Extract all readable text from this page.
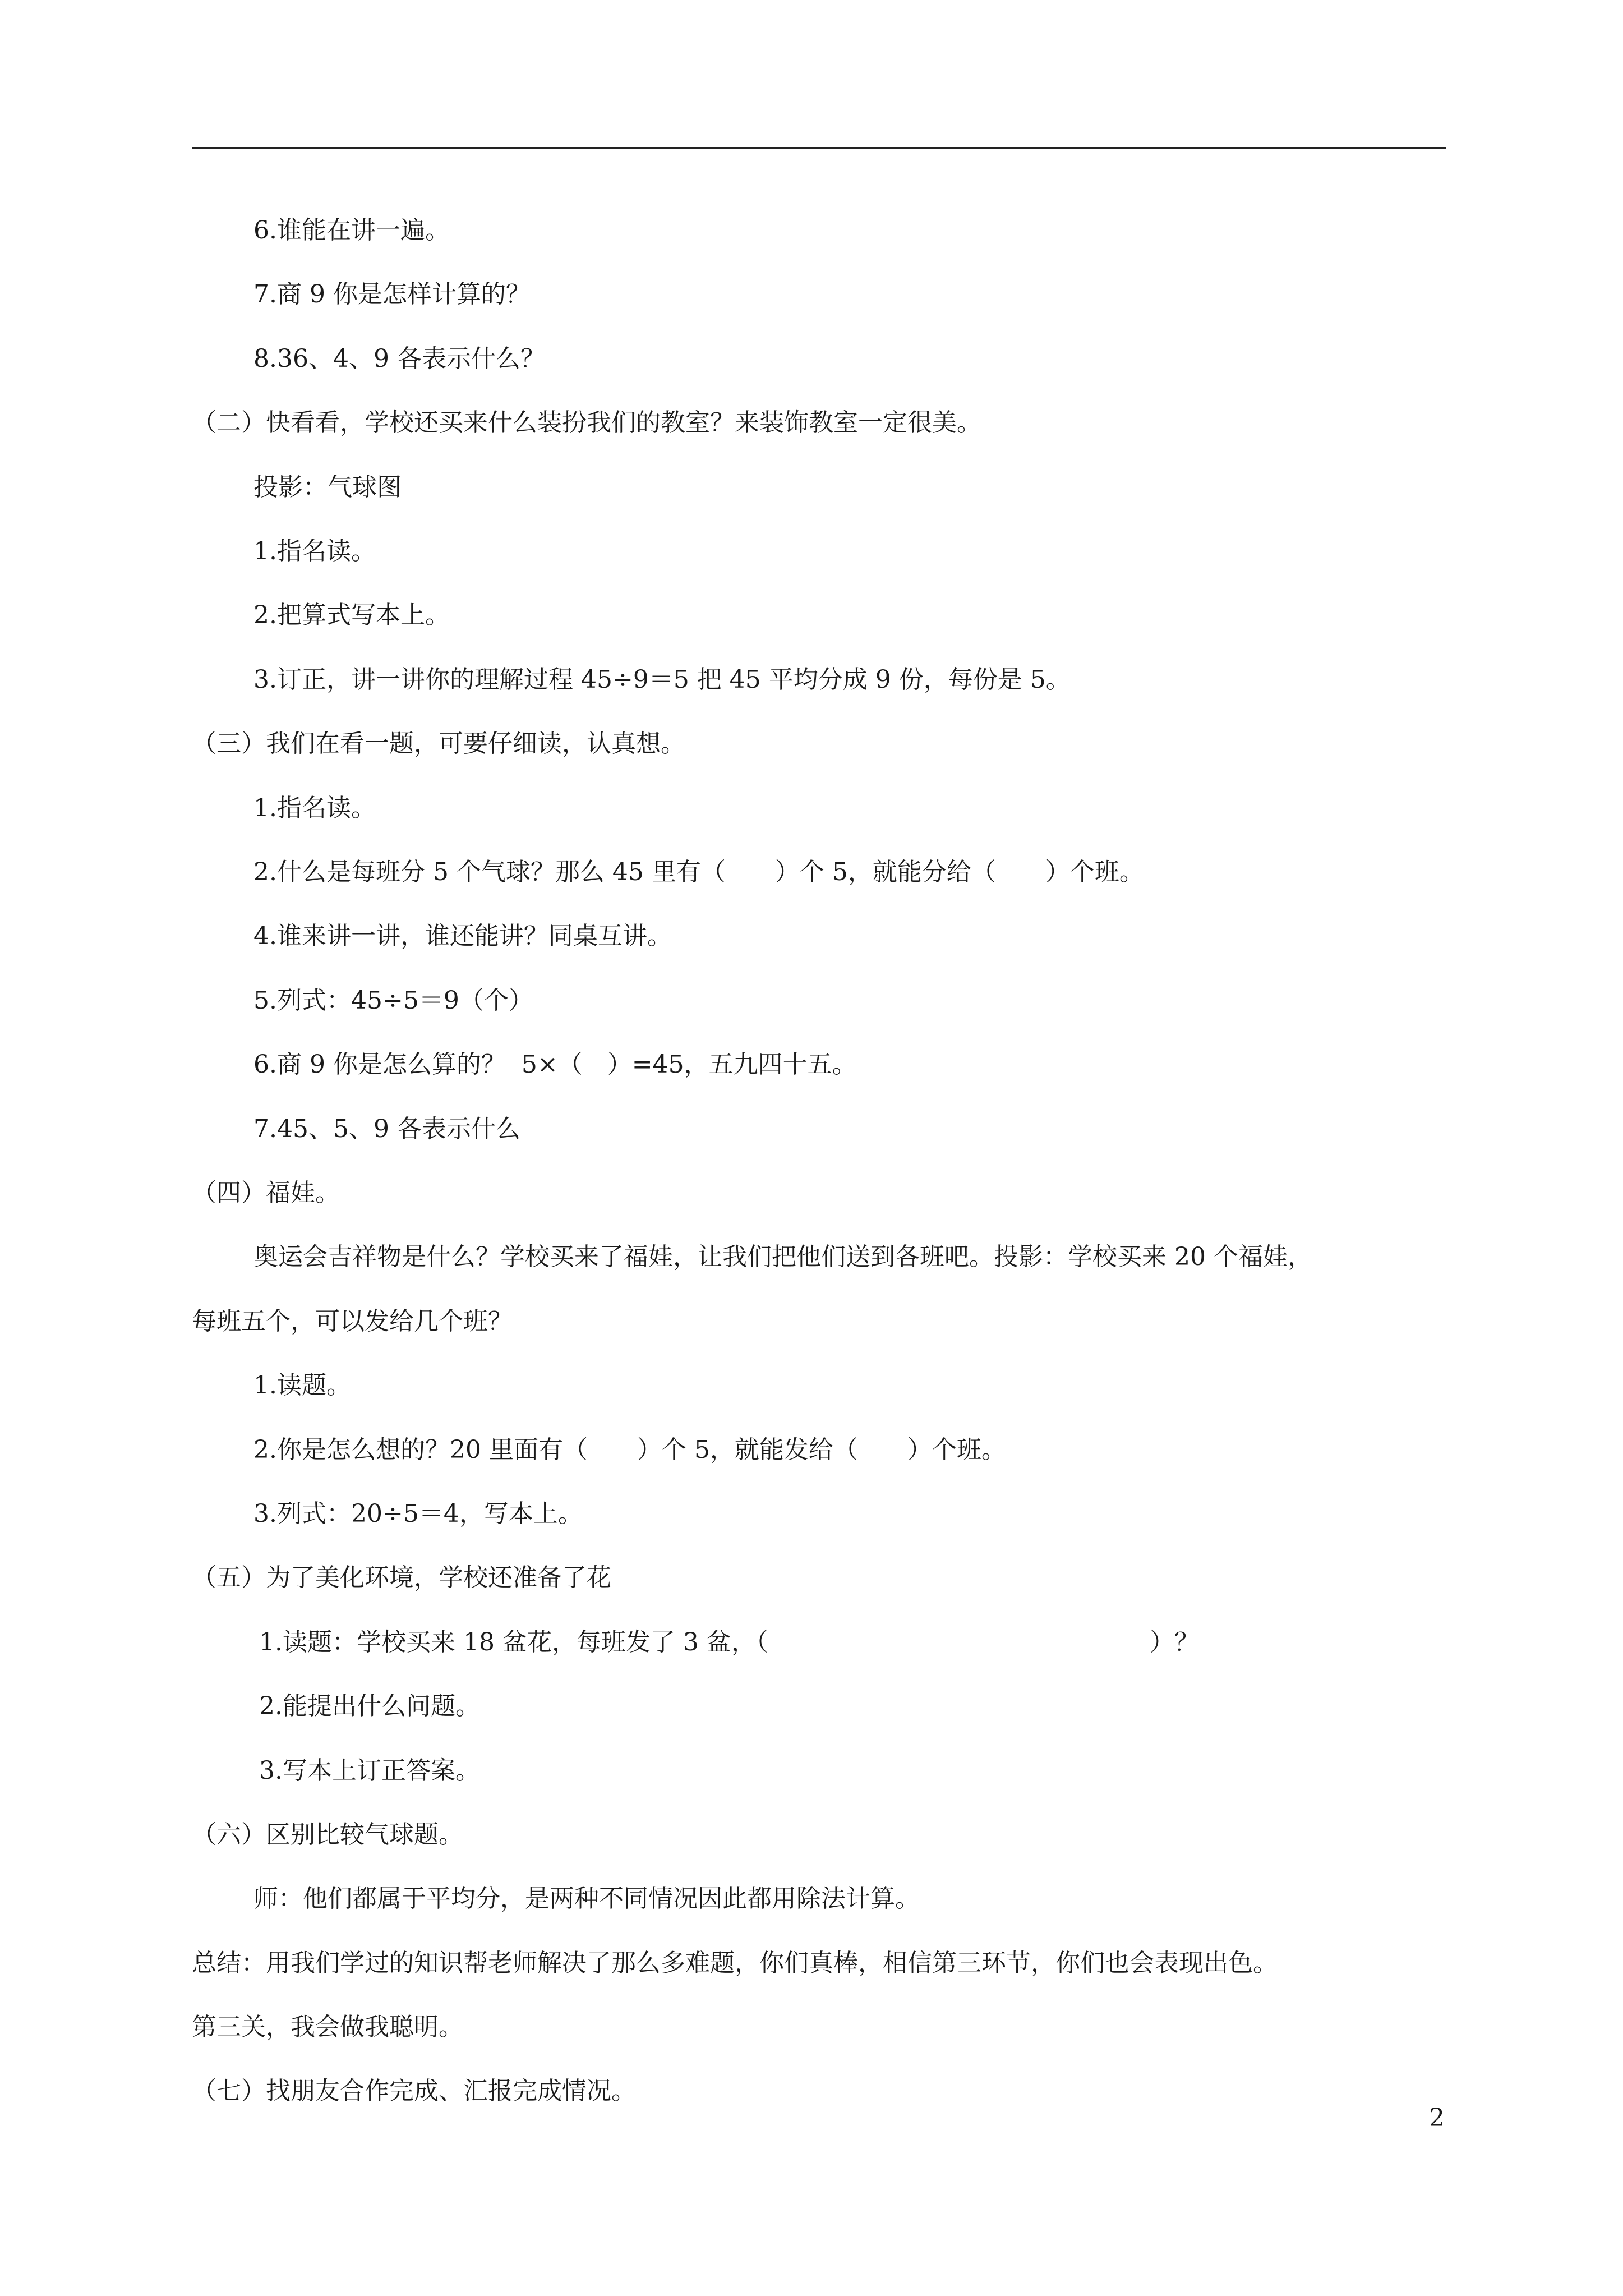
6.谁能在讲一遍。
7.商 9 你是怎样计算的？
8.36、4、9 各表示什么？
（二）快看看，学校还买来什么装扮我们的教室？来装饰教室一定很美。
投影：气球图
1.指名读。
2.把算式写本上。
3.订正，讲一讲你的理解过程 45÷9＝5 把 45 平均分成 9 份，每份是 5。
（三）我们在看一题，可要仔细读，认真想。
1.指名读。
2.什么是每班分 5 个气球？那么 45 里有（　　）个 5，就能分给（　　）个班。
4.谁来讲一讲，谁还能讲？同桌互讲。
5.列式：45÷5＝9（个）
6.商 9 你是怎么算的？  5×（　）=45，五九四十五。
7.45、5、9 各表示什么
（四）福娃。
奥运会吉祥物是什么？学校买来了福娃，让我们把他们送到各班吧。投影：学校买来 20 个福娃，
每班五个，可以发给几个班？
1.读题。
2.你是怎么想的？20 里面有（　　）个 5，就能发给（　　）个班。
3.列式：20÷5＝4，写本上。
（五）为了美化环境，学校还准备了花
1.读题：学校买来 18 盆花，每班发了 3 盆，（	）？
2.能提出什么问题。
3.写本上订正答案。
（六）区别比较气球题。
师：他们都属于平均分，是两种不同情况因此都用除法计算。
总结：用我们学过的知识帮老师解决了那么多难题，你们真棒，相信第三环节，你们也会表现出色。
第三关，我会做我聪明。
（七）找朋友合作完成、汇报完成情况。
2
